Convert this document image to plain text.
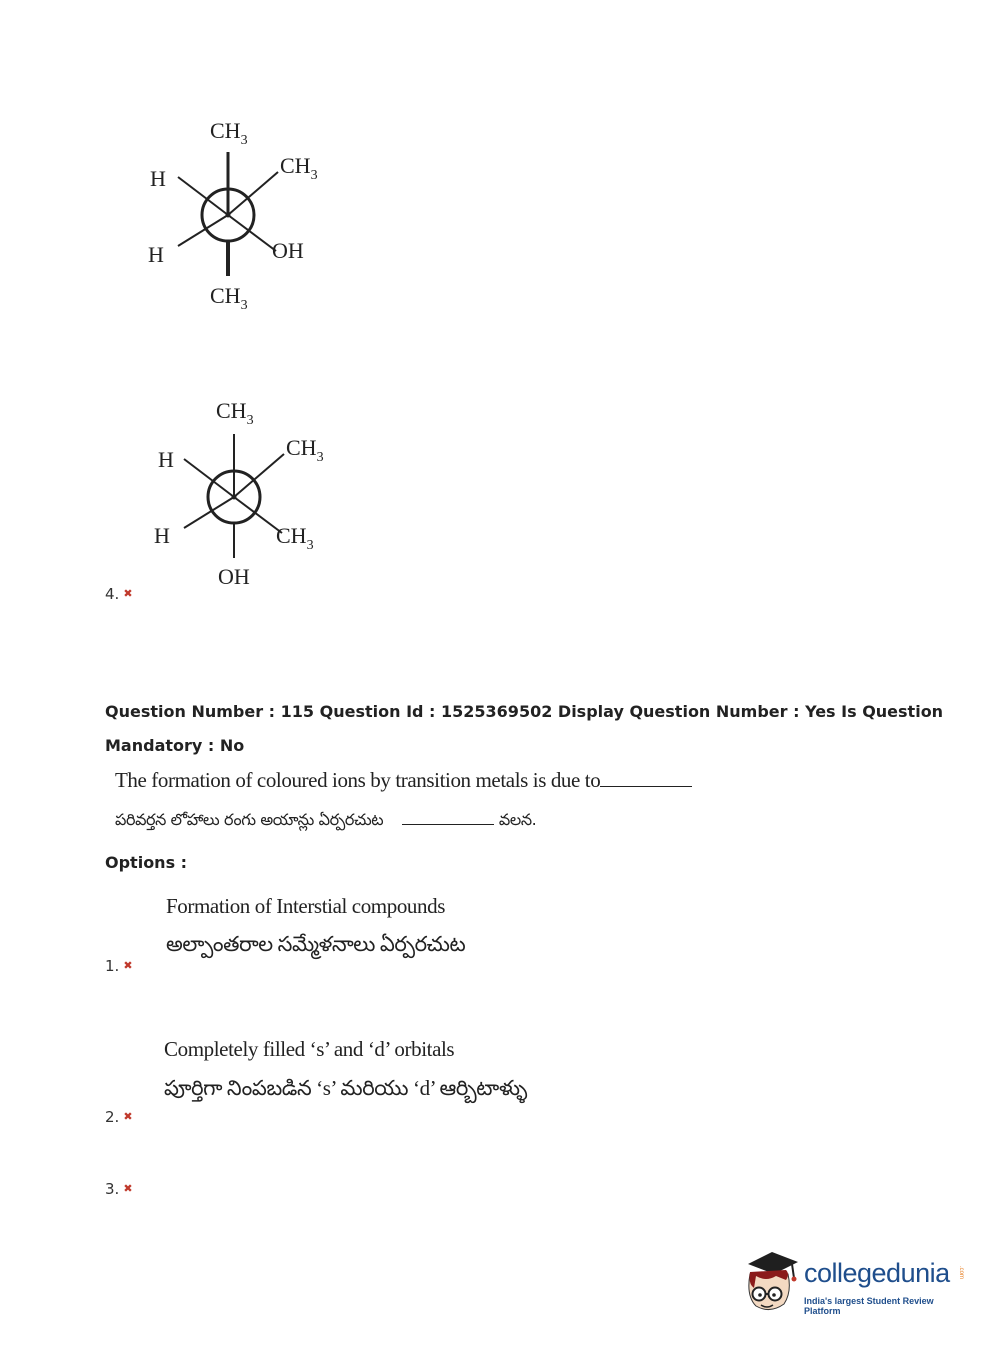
$CH_3$
H
$CH_3$
H	OH
$CH_3$
$CH_3$
H	$CH_3$
H	$CH_3$
OH
4. ✖
Question Number : 115 Question Id : 1525369502 Display Question Number : Yes Is Question
Mandatory : No
The formation of coloured ions by transition metals is due to
పరివర్తన లోహాలు రంగు అయాన్లు ఏర్పరచుట	వలన.
Options :
Formation of Interstial compounds
అల్పాంతరాల సమ్మేళనాలు ఏర్పరచుట
1. ✖
Completely filled ‘s’ and ‘d’ orbitals
పూర్తిగా నింపబడిన ‘s’ మరియు ‘d’ ఆర్బిటాళ్ళు
2. ✖
3. ✖
collegedunia .com
India's largest Student Review Platform
